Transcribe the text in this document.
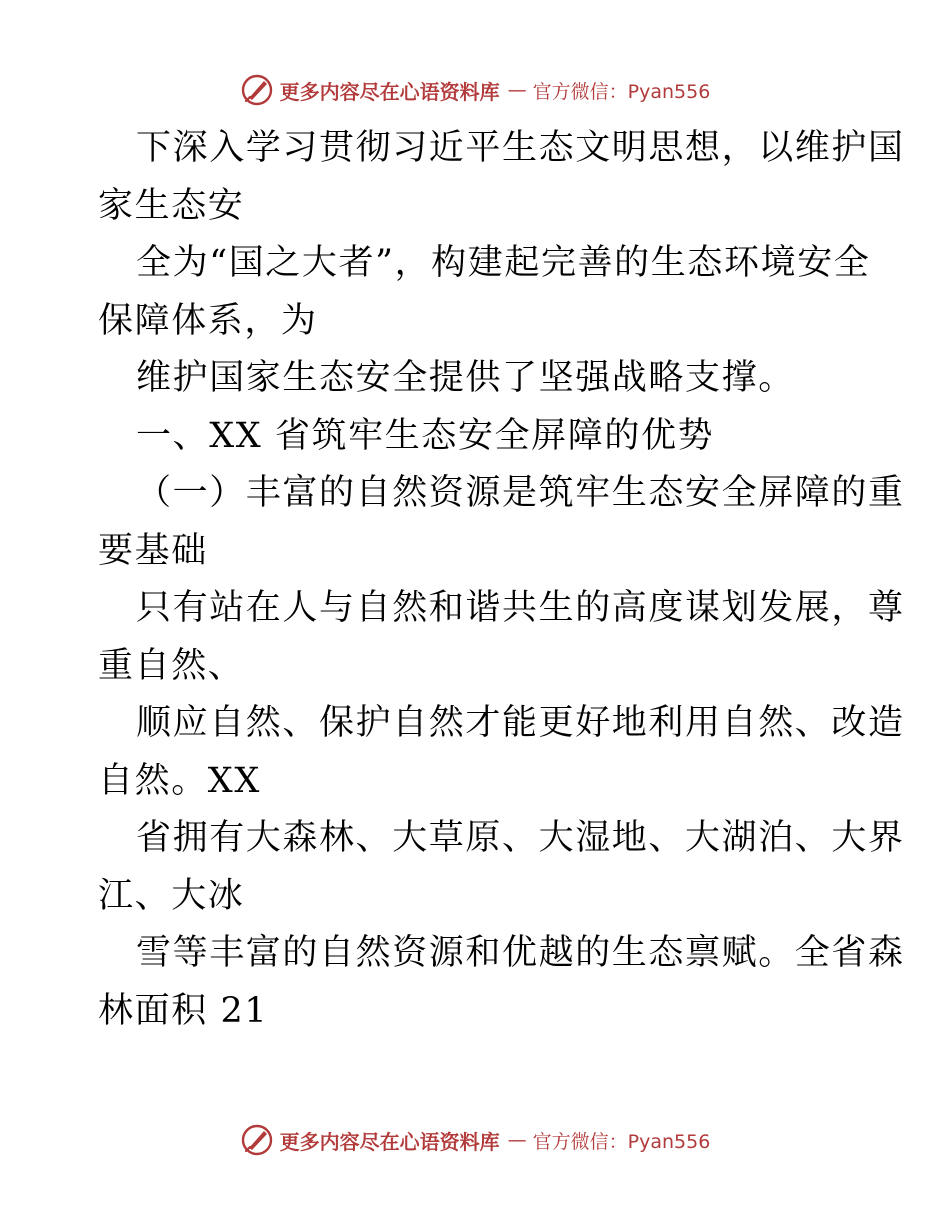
更多内容尽在心语资料库 — 官方微信：Pyan556
下深入学习贯彻习近平生态文明思想，以维护国
家生态安
全为“国之大者”，构建起完善的生态环境安全
保障体系，为
维护国家生态安全提供了坚强战略支撑。
一、XX 省筑牢生态安全屏障的优势
（一）丰富的自然资源是筑牢生态安全屏障的重
要基础
只有站在人与自然和谐共生的高度谋划发展，尊
重自然、
顺应自然、保护自然才能更好地利用自然、改造
自然。XX
省拥有大森林、大草原、大湿地、大湖泊、大界
江、大冰
雪等丰富的自然资源和优越的生态禀赋。全省森
林面积 21
更多内容尽在心语资料库 — 官方微信：Pyan556
